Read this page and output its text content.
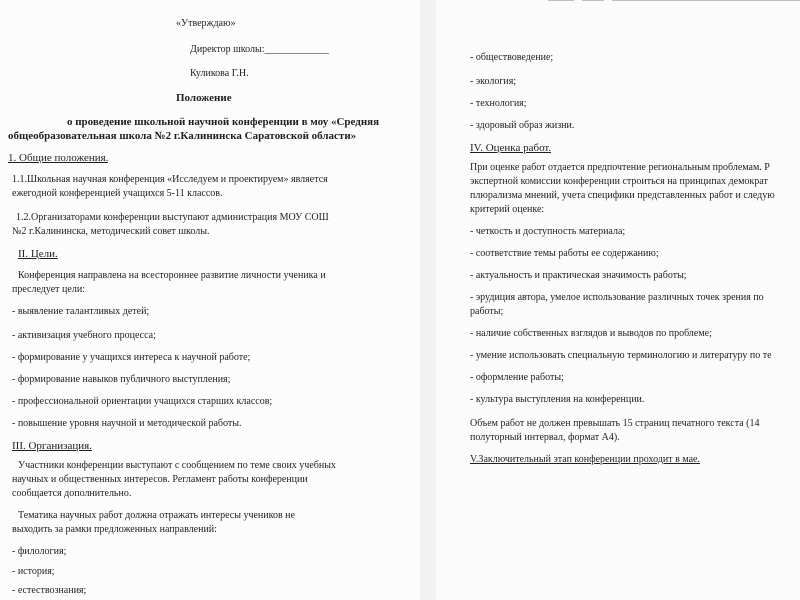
«Утверждаю»
Директор школы:_____________
Куликова Г.Н.
Положение
о проведение школьной научной конференции в моу «Средняя
общеобразовательная школа №2 г.Калининска Саратовской области»
1. Общие положения.
1.1.Школьная научная конференция «Исследуем и проектируем» является
ежегодной конференцией учащихся 5-11 классов.
1.2.Организаторами конференции выступают администрация МОУ СОШ
№2 г.Калининска, методический совет школы.
II. Цели.
Конференция направлена на всестороннее развитие личности ученика и
преследует цели:
- выявление талантливых детей;
- активизация учебного процесса;
- формирование у учащихся интереса к научной работе;
- формирование навыков публичного выступления;
- профессиональной ориентации учащихся старших классов;
- повышение уровня научной и методической работы.
III. Организация.
Участники конференции выступают с сообщением по теме своих учебных
научных и общественных интересов. Регламент работы конференции
сообщается дополнительно.
Тематика научных работ должна отражать интересы учеников не
выходить за рамки предложенных направлений:
- филология;
- история;
- естествознания;
- обществоведение;
- экология;
- технология;
- здоровый образ жизни.
IV. Оценка работ.
При оценке работ отдается предпочтение региональным проблемам. Р
экспертной комиссии конференции строиться на принципах демократ
плюрализма мнений, учета специфики представленных работ и следую
критерий оценке:
- четкость и доступность материала;
- соответствие темы работы ее содержанию;
- актуальность и практическая значимость работы;
- эрудиция автора, умелое использование различных точек зрения по
работы;
- наличие собственных взглядов и выводов по проблеме;
- умение использовать специальную терминологию и литературу по те
- оформление работы;
- культура выступления на конференции.
Объем работ не должен превышать 15 страниц печатного текста (14
полуторный интервал, формат А4).
V.Заключительный этап конференции проходит в мае.
